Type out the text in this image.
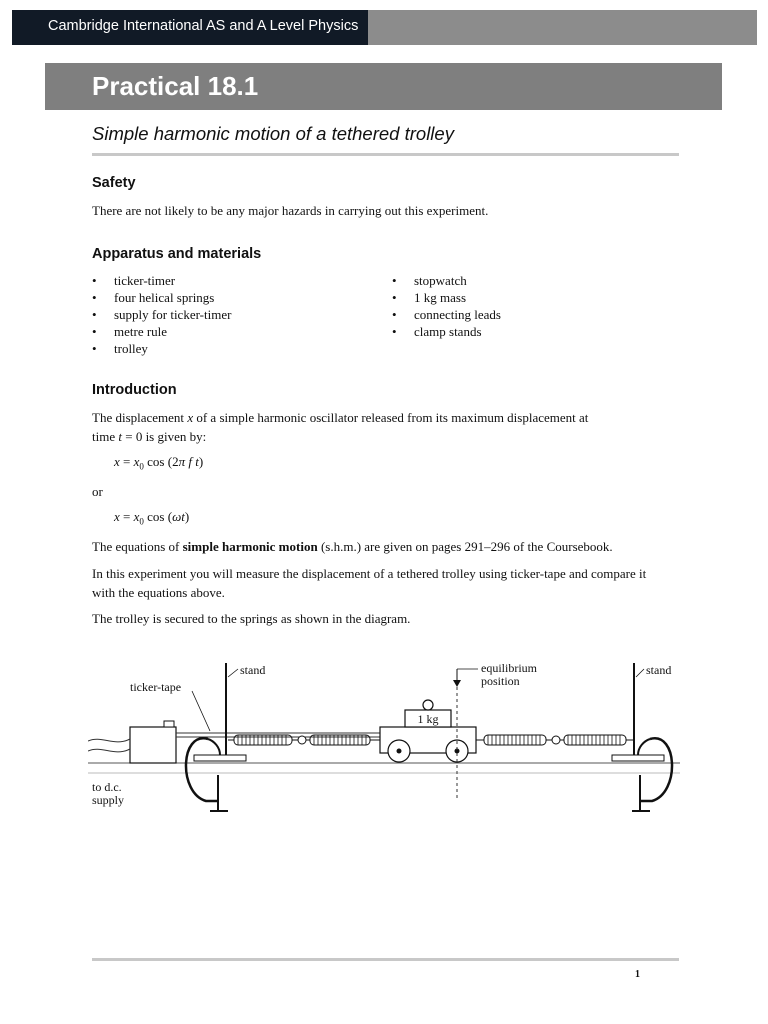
Cambridge International AS and A Level Physics
Practical 18.1
Simple harmonic motion of a tethered trolley
Safety
There are not likely to be any major hazards in carrying out this experiment.
Apparatus and materials
• ticker-timer
• four helical springs
• supply for ticker-timer
• metre rule
• trolley
• stopwatch
• 1 kg mass
• connecting leads
• clamp stands
Introduction
The displacement x of a simple harmonic oscillator released from its maximum displacement at
time t = 0 is given by:
$x = x_0$ cos (2π f t)
or
$x = x_0$ cos (ωt)
The equations of simple harmonic motion (s.h.m.) are given on pages 291–296 of the Coursebook.
In this experiment you will measure the displacement of a tethered trolley using ticker-tape and compare it with the equations above.
The trolley is secured to the springs as shown in the diagram.
1 kg
stand	stand
ticker-tape
equilibrium
position
to d.c.
supply
1
